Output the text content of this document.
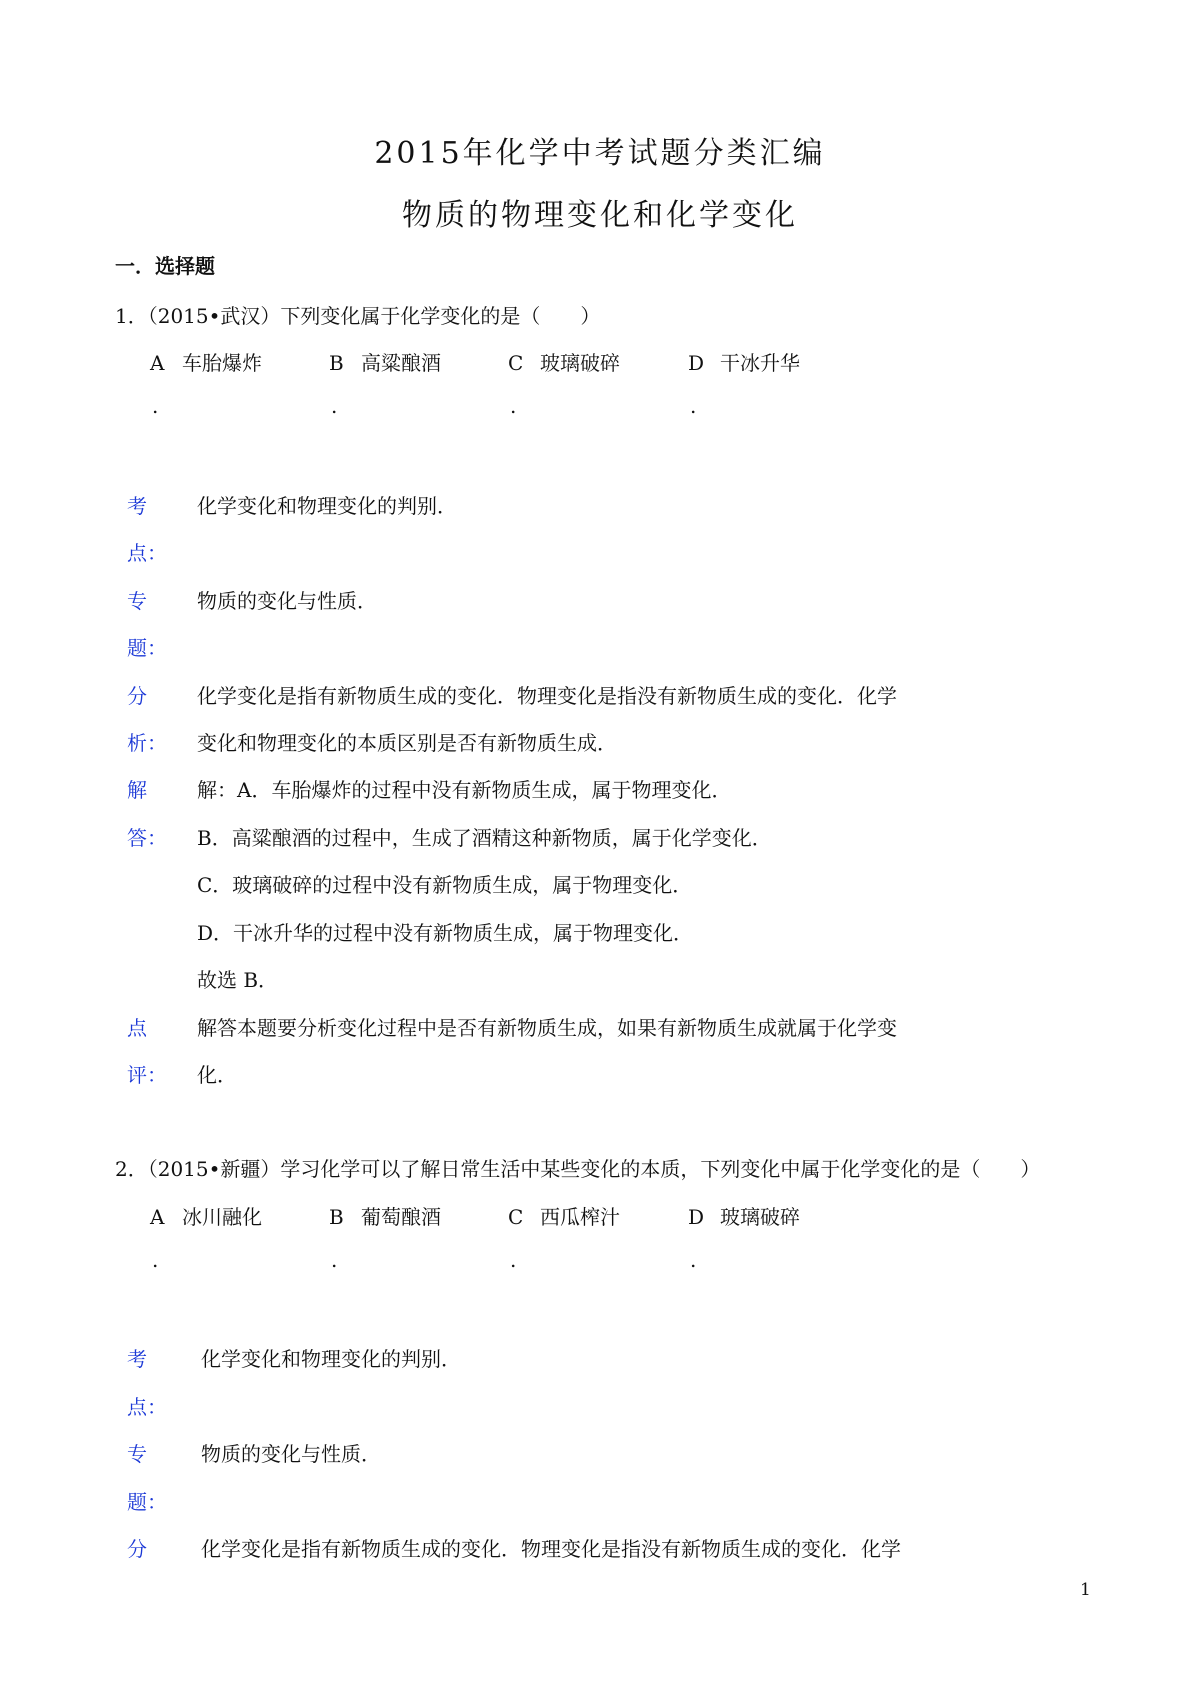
2015年化学中考试题分类汇编
物质的物理变化和化学变化
一．选择题
1．（2015•武汉）下列变化属于化学变化的是（　　）
A 车胎爆炸	B 高粱酿酒	C 玻璃破碎	D 干冰升华
.	.	.	.
考	化学变化和物理变化的判别．
点：
专	物质的变化与性质．
题：
分	化学变化是指有新物质生成的变化．物理变化是指没有新物质生成的变化．化学
析： 变化和物理变化的本质区别是否有新物质生成．
解	解：A．车胎爆炸的过程中没有新物质生成，属于物理变化．
答： B．高粱酿酒的过程中，生成了酒精这种新物质，属于化学变化．
C．玻璃破碎的过程中没有新物质生成，属于物理变化．
D．干冰升华的过程中没有新物质生成，属于物理变化．
故选 B．
点	解答本题要分析变化过程中是否有新物质生成，如果有新物质生成就属于化学变
评： 化．
2．（2015•新疆）学习化学可以了解日常生活中某些变化的本质，下列变化中属于化学变化的是（　　）
A 冰川融化	B 葡萄酿酒	C 西瓜榨汁	D 玻璃破碎
.	.	.	.
考	化学变化和物理变化的判别．
点：
专	物质的变化与性质．
题：
分	化学变化是指有新物质生成的变化．物理变化是指没有新物质生成的变化．化学
1
